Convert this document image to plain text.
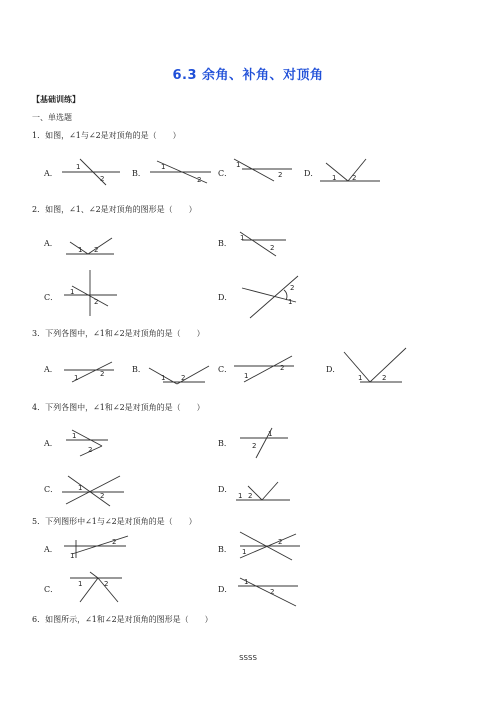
6.3 余角、补角、对顶角
【基础训练】
一、单选题
1．如图，∠1与∠2是对顶角的是（　　）
A．	B．	C．	D．
1
2
1
2
1
2	1 2
2．如图，∠1、∠2是对顶角的图形是（　　）
A．	B．
C．	D．
1 2
1
2
1
2
2
1
3．下列各图中，∠1和∠2是对顶角的是（　　）
A．	B．	C．	D．
1	2	1 2	1
2
1	2
4．下列各图中，∠1和∠2是对顶角的是（　　）
A．	B．
C．	D．
1
2
1
2
1
2	2
1
5．下列图形中∠1与∠2是对顶角的是（　　）
A．	B．
C．	D．
1
2
1
2
1	2	1
2
6．如图所示，∠1和∠2是对顶角的图形是（　　）
SSSS
